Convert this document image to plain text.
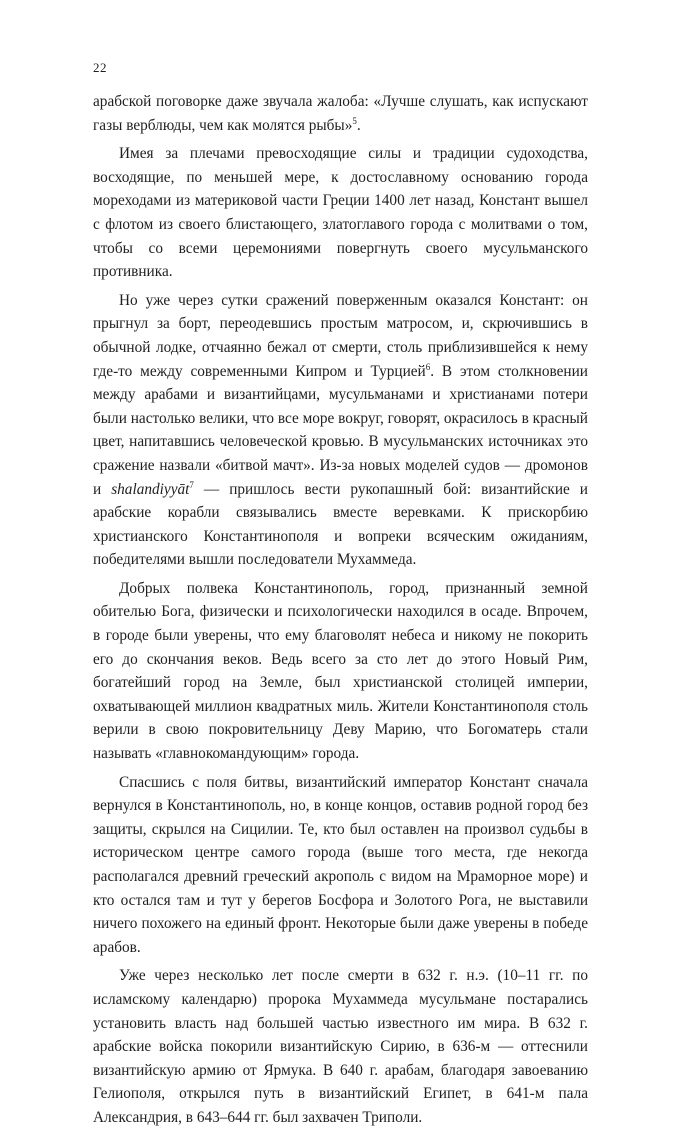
22

арабской поговорке даже звучала жалоба: «Лучше слушать, как испускают газы верблюды, чем как молятся рыбы»$^5$.

Имея за плечами превосходящие силы и традиции судоходства, восходящие, по меньшей мере, к достославному основанию города мореходами из материковой части Греции 1400 лет назад, Констант вышел с флотом из своего блистающего, златоглавого города с молитвами о том, чтобы со всеми церемониями повергнуть своего мусульманского противника.

Но уже через сутки сражений поверженным оказался Констант: он прыгнул за борт, переодевшись простым матросом, и, скрючившись в обычной лодке, отчаянно бежал от смерти, столь приблизившейся к нему где-то между современными Кипром и Турцией$^6$. В этом столкновении между арабами и византийцами, мусульманами и христианами потери были настолько велики, что все море вокруг, говорят, окрасилось в красный цвет, напитавшись человеческой кровью. В мусульманских источниках это сражение назвали «битвой мачт». Из-за новых моделей судов — дромонов и shalandiyyāt$^7$ — пришлось вести рукопашный бой: византийские и арабские корабли связывались вместе веревками. К прискорбию христианского Константинополя и вопреки всяческим ожиданиям, победителями вышли последователи Мухаммеда.

Добрых полвека Константинополь, город, признанный земной обителью Бога, физически и психологически находился в осаде. Впрочем, в городе были уверены, что ему благоволят небеса и никому не покорить его до скончания веков. Ведь всего за сто лет до этого Новый Рим, богатейший город на Земле, был христианской столицей империи, охватывающей миллион квадратных миль. Жители Константинополя столь верили в свою покровительницу Деву Марию, что Богоматерь стали называть «главнокомандующим» города.

Спасшись с поля битвы, византийский император Констант сначала вернулся в Константинополь, но, в конце концов, оставив родной город без защиты, скрылся на Сицилии. Те, кто был оставлен на произвол судьбы в историческом центре самого города (выше того места, где некогда располагался древний греческий акрополь с видом на Мраморное море) и кто остался там и тут у берегов Босфора и Золотого Рога, не выставили ничего похожего на единый фронт. Некоторые были даже уверены в победе арабов.

Уже через несколько лет после смерти в 632 г. н.э. (10–11 гг. по исламскому календарю) пророка Мухаммеда мусульмане постарались установить власть над большей частью известного им мира. В 632 г. арабские войска покорили византийскую Сирию, в 636-м — оттеснили византийскую армию от Ярмука. В 640 г. арабам, благодаря завоеванию Гелиополя, открылся путь в византийский Египет, в 641-м пала Александрия, в 643–644 гг. был захвачен Триполи.
